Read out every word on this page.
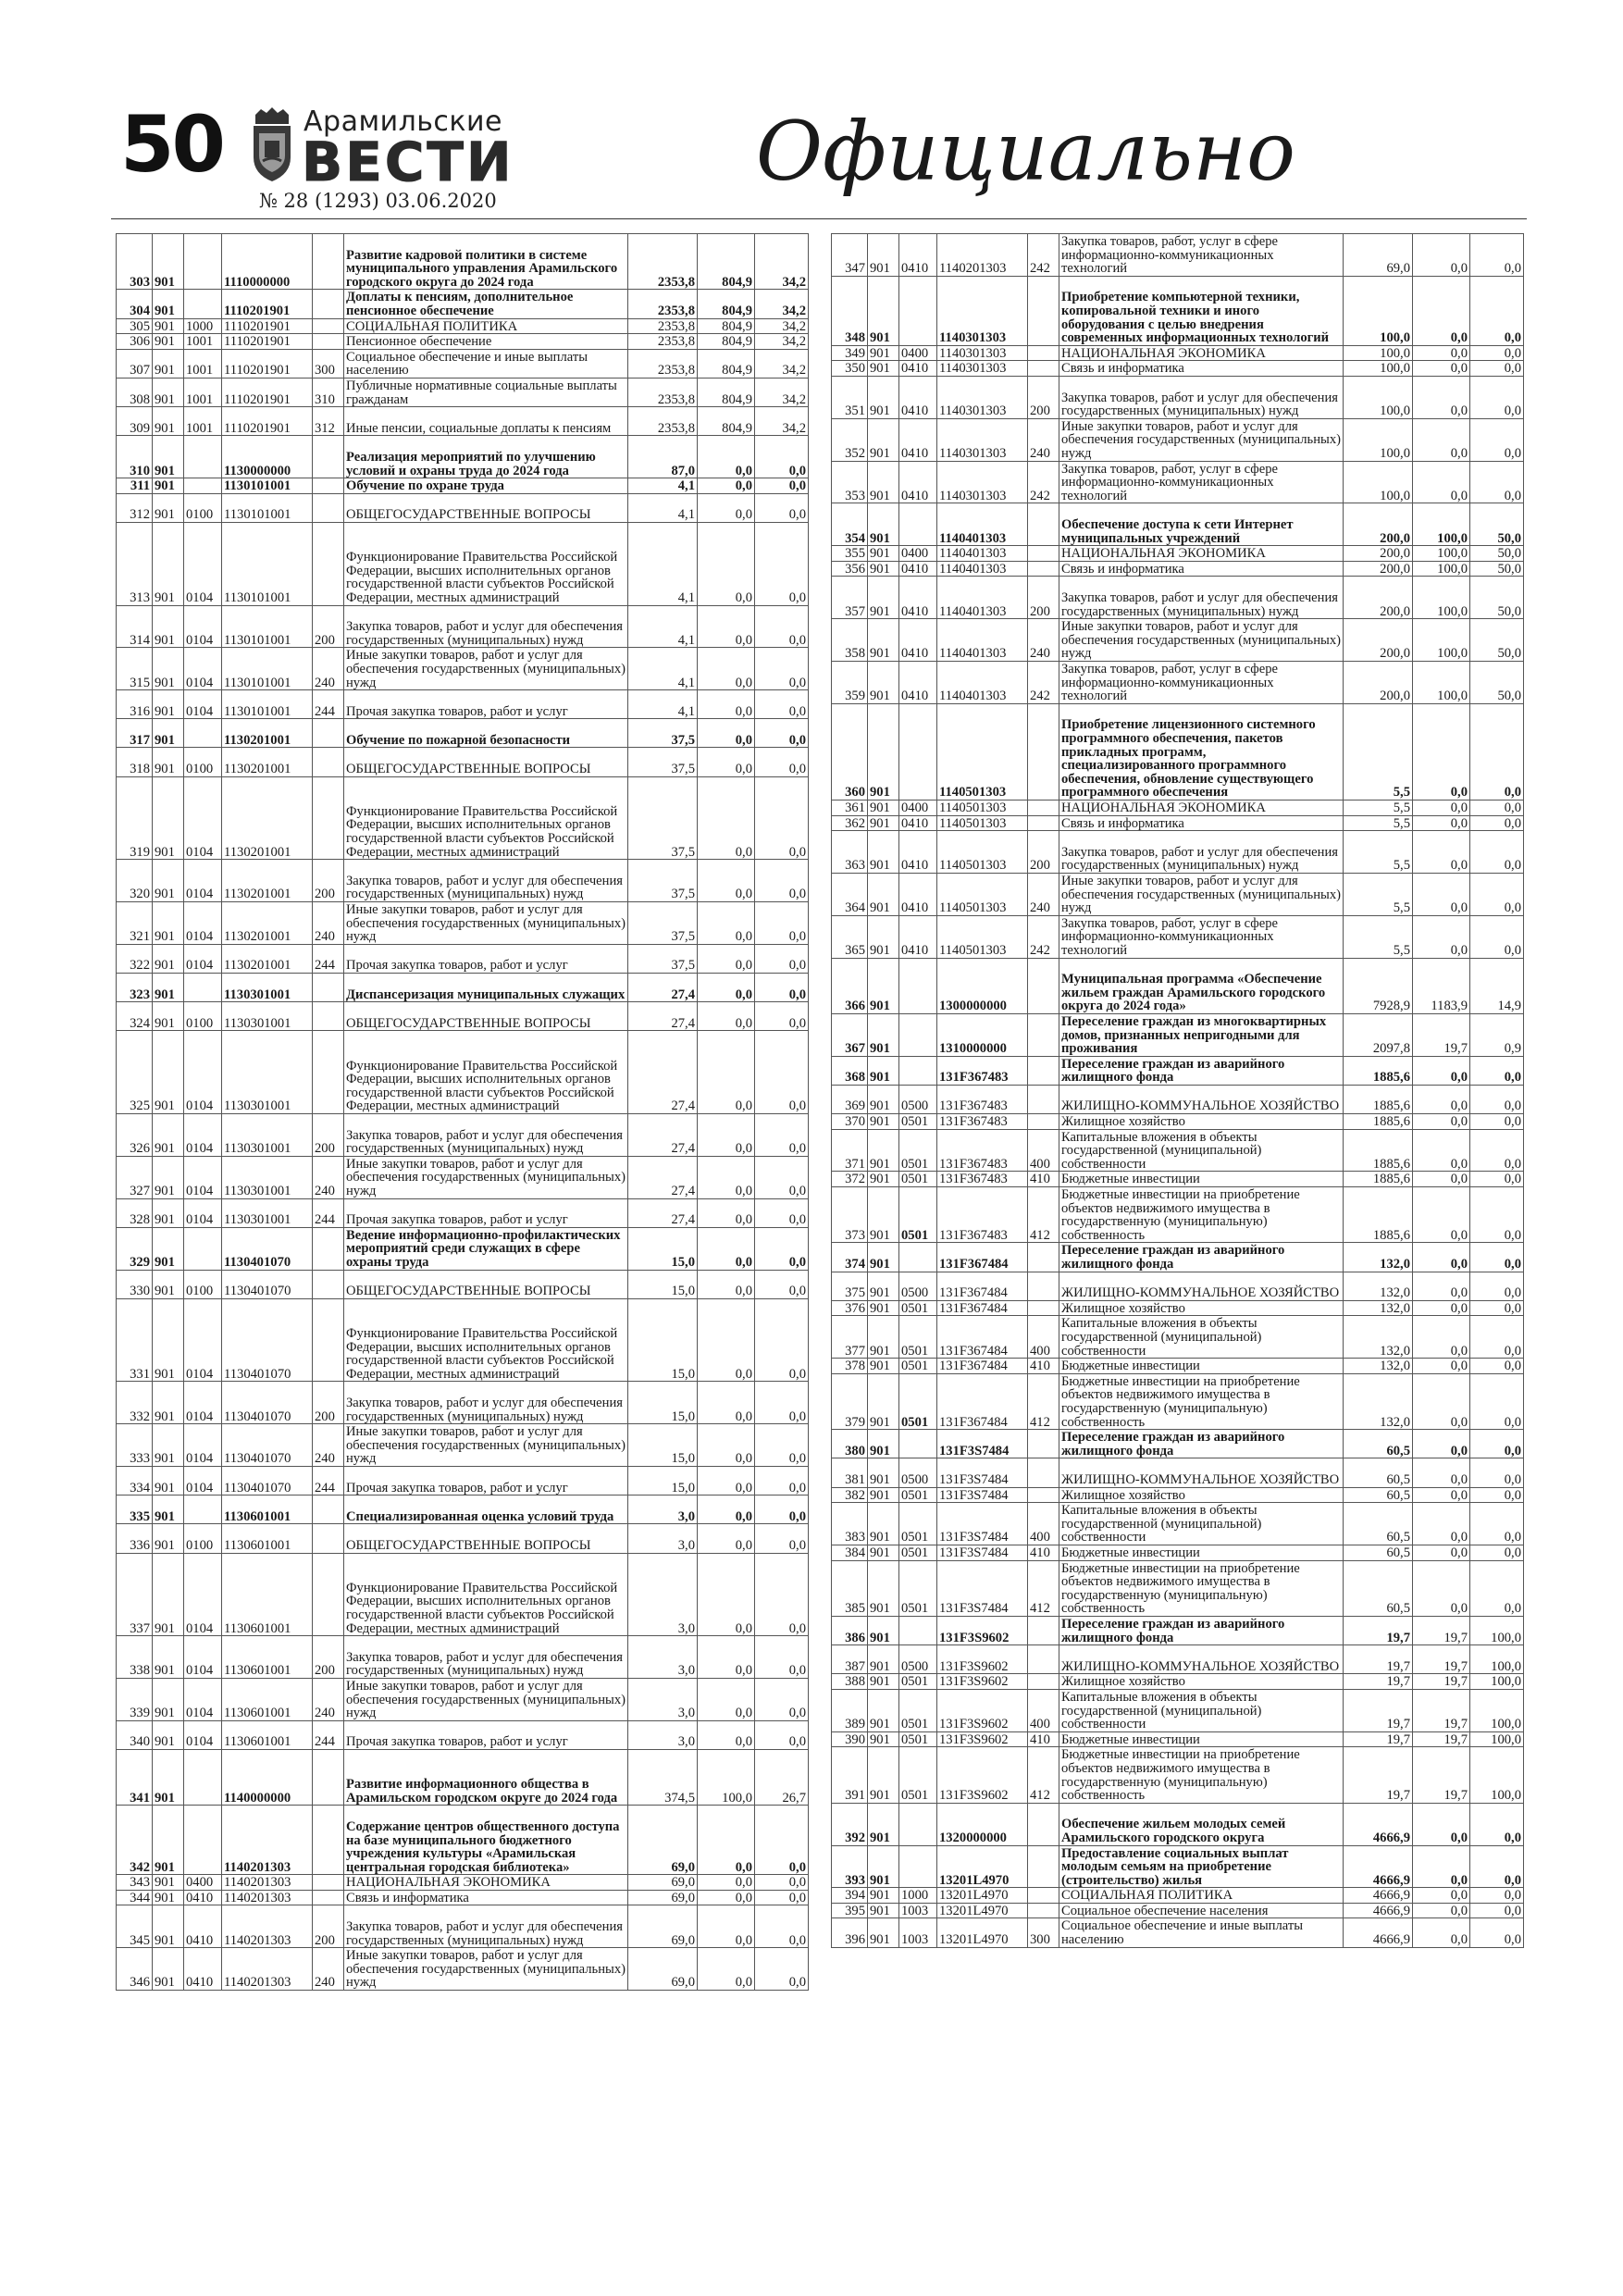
50	Арамильские
ВЕСТИ
№ 28 (1293) 03.06.2020
Официально
303	901		1110000000		Развитие кадровой политики в системе муниципального управления Арамильского городского округа до 2024 года	2353,8	804,9	34,2
304	901		1110201901		Доплаты к пенсиям, дополнительное пенсионное обеспечение	2353,8	804,9	34,2
305	901	1000	1110201901		СОЦИАЛЬНАЯ ПОЛИТИКА	2353,8	804,9	34,2
306	901	1001	1110201901		Пенсионное обеспечение	2353,8	804,9	34,2
307	901	1001	1110201901	300	Социальное обеспечение и иные выплаты населению	2353,8	804,9	34,2
308	901	1001	1110201901	310	Публичные нормативные социальные выплаты гражданам	2353,8	804,9	34,2
309	901	1001	1110201901	312	Иные пенсии, социальные доплаты к пенсиям	2353,8	804,9	34,2
310	901		1130000000		Реализация мероприятий по улучшению условий и охраны труда до 2024 года	87,0	0,0	0,0
311	901		1130101001		Обучение по охране труда	4,1	0,0	0,0
312	901	0100	1130101001		ОБЩЕГОСУДАРСТВЕННЫЕ ВОПРОСЫ	4,1	0,0	0,0
313	901	0104	1130101001		Функционирование Правительства Российской Федерации, высших исполнительных органов государственной власти субъектов Российской Федерации, местных администраций	4,1	0,0	0,0
314	901	0104	1130101001	200	Закупка товаров, работ и услуг для обеспечения государственных (муниципальных) нужд	4,1	0,0	0,0
315	901	0104	1130101001	240	Иные закупки товаров, работ и услуг для обеспечения государственных (муниципальных) нужд	4,1	0,0	0,0
316	901	0104	1130101001	244	Прочая закупка товаров, работ и услуг	4,1	0,0	0,0
317	901		1130201001		Обучение по пожарной безопасности	37,5	0,0	0,0
318	901	0100	1130201001		ОБЩЕГОСУДАРСТВЕННЫЕ ВОПРОСЫ	37,5	0,0	0,0
319	901	0104	1130201001		Функционирование Правительства Российской Федерации, высших исполнительных органов государственной власти субъектов Российской Федерации, местных администраций	37,5	0,0	0,0
320	901	0104	1130201001	200	Закупка товаров, работ и услуг для обеспечения государственных (муниципальных) нужд	37,5	0,0	0,0
321	901	0104	1130201001	240	Иные закупки товаров, работ и услуг для обеспечения государственных (муниципальных) нужд	37,5	0,0	0,0
322	901	0104	1130201001	244	Прочая закупка товаров, работ и услуг	37,5	0,0	0,0
323	901		1130301001		Диспансеризация муниципальных служащих	27,4	0,0	0,0
324	901	0100	1130301001		ОБЩЕГОСУДАРСТВЕННЫЕ ВОПРОСЫ	27,4	0,0	0,0
325	901	0104	1130301001		Функционирование Правительства Российской Федерации, высших исполнительных органов государственной власти субъектов Российской Федерации, местных администраций	27,4	0,0	0,0
326	901	0104	1130301001	200	Закупка товаров, работ и услуг для обеспечения государственных (муниципальных) нужд	27,4	0,0	0,0
327	901	0104	1130301001	240	Иные закупки товаров, работ и услуг для обеспечения государственных (муниципальных) нужд	27,4	0,0	0,0
328	901	0104	1130301001	244	Прочая закупка товаров, работ и услуг	27,4	0,0	0,0
329	901		1130401070		Ведение информационно-профилактических мероприятий среди служащих в сфере охраны труда	15,0	0,0	0,0
330	901	0100	1130401070		ОБЩЕГОСУДАРСТВЕННЫЕ ВОПРОСЫ	15,0	0,0	0,0
331	901	0104	1130401070		Функционирование Правительства Российской Федерации, высших исполнительных органов государственной власти субъектов Российской Федерации, местных администраций	15,0	0,0	0,0
332	901	0104	1130401070	200	Закупка товаров, работ и услуг для обеспечения государственных (муниципальных) нужд	15,0	0,0	0,0
333	901	0104	1130401070	240	Иные закупки товаров, работ и услуг для обеспечения государственных (муниципальных) нужд	15,0	0,0	0,0
334	901	0104	1130401070	244	Прочая закупка товаров, работ и услуг	15,0	0,0	0,0
335	901		1130601001		Специализированная оценка условий труда	3,0	0,0	0,0
336	901	0100	1130601001		ОБЩЕГОСУДАРСТВЕННЫЕ ВОПРОСЫ	3,0	0,0	0,0
337	901	0104	1130601001		Функционирование Правительства Российской Федерации, высших исполнительных органов государственной власти субъектов Российской Федерации, местных администраций	3,0	0,0	0,0
338	901	0104	1130601001	200	Закупка товаров, работ и услуг для обеспечения государственных (муниципальных) нужд	3,0	0,0	0,0
339	901	0104	1130601001	240	Иные закупки товаров, работ и услуг для обеспечения государственных (муниципальных) нужд	3,0	0,0	0,0
340	901	0104	1130601001	244	Прочая закупка товаров, работ и услуг	3,0	0,0	0,0
341	901		1140000000		Развитие информационного общества в Арамильском городском округе до 2024 года	374,5	100,0	26,7
342	901		1140201303		Содержание центров общественного доступа на базе муниципального бюджетного учреждения культуры «Арамильская центральная городская библиотека»	69,0	0,0	0,0
343	901	0400	1140201303		НАЦИОНАЛЬНАЯ ЭКОНОМИКА	69,0	0,0	0,0
344	901	0410	1140201303		Связь и информатика	69,0	0,0	0,0
345	901	0410	1140201303	200	Закупка товаров, работ и услуг для обеспечения государственных (муниципальных) нужд	69,0	0,0	0,0
346	901	0410	1140201303	240	Иные закупки товаров, работ и услуг для обеспечения государственных (муниципальных) нужд	69,0	0,0	0,0
347	901	0410	1140201303	242	Закупка товаров, работ, услуг в сфере информационно-коммуникационных технологий	69,0	0,0	0,0
348	901		1140301303		Приобретение компьютерной техники, копировальной техники и иного оборудования с целью внедрения современных информационных технологий	100,0	0,0	0,0
349	901	0400	1140301303		НАЦИОНАЛЬНАЯ ЭКОНОМИКА	100,0	0,0	0,0
350	901	0410	1140301303		Связь и информатика	100,0	0,0	0,0
351	901	0410	1140301303	200	Закупка товаров, работ и услуг для обеспечения государственных (муниципальных) нужд	100,0	0,0	0,0
352	901	0410	1140301303	240	Иные закупки товаров, работ и услуг для обеспечения государственных (муниципальных) нужд	100,0	0,0	0,0
353	901	0410	1140301303	242	Закупка товаров, работ, услуг в сфере информационно-коммуникационных технологий	100,0	0,0	0,0
354	901		1140401303		Обеспечение доступа к сети Интернет муниципальных учреждений	200,0	100,0	50,0
355	901	0400	1140401303		НАЦИОНАЛЬНАЯ ЭКОНОМИКА	200,0	100,0	50,0
356	901	0410	1140401303		Связь и информатика	200,0	100,0	50,0
357	901	0410	1140401303	200	Закупка товаров, работ и услуг для обеспечения государственных (муниципальных) нужд	200,0	100,0	50,0
358	901	0410	1140401303	240	Иные закупки товаров, работ и услуг для обеспечения государственных (муниципальных) нужд	200,0	100,0	50,0
359	901	0410	1140401303	242	Закупка товаров, работ, услуг в сфере информационно-коммуникационных технологий	200,0	100,0	50,0
360	901		1140501303		Приобретение лицензионного системного программного обеспечения, пакетов прикладных программ, специализированного программного обеспечения, обновление существующего программного обеспечения	5,5	0,0	0,0
361	901	0400	1140501303		НАЦИОНАЛЬНАЯ ЭКОНОМИКА	5,5	0,0	0,0
362	901	0410	1140501303		Связь и информатика	5,5	0,0	0,0
363	901	0410	1140501303	200	Закупка товаров, работ и услуг для обеспечения государственных (муниципальных) нужд	5,5	0,0	0,0
364	901	0410	1140501303	240	Иные закупки товаров, работ и услуг для обеспечения государственных (муниципальных) нужд	5,5	0,0	0,0
365	901	0410	1140501303	242	Закупка товаров, работ, услуг в сфере информационно-коммуникационных технологий	5,5	0,0	0,0
366	901		1300000000		Муниципальная программа «Обеспечение жильем граждан Арамильского городского округа до 2024 года»	7928,9	1183,9	14,9
367	901		1310000000		Переселение граждан из многоквартирных домов, признанных непригодными для проживания	2097,8	19,7	0,9
368	901		131F367483		Переселение граждан из аварийного жилищного фонда	1885,6	0,0	0,0
369	901	0500	131F367483		ЖИЛИЩНО-КОММУНАЛЬНОЕ ХОЗЯЙСТВО	1885,6	0,0	0,0
370	901	0501	131F367483		Жилищное хозяйство	1885,6	0,0	0,0
371	901	0501	131F367483	400	Капитальные вложения в объекты государственной (муниципальной) собственности	1885,6	0,0	0,0
372	901	0501	131F367483	410	Бюджетные инвестиции	1885,6	0,0	0,0
373	901	0501	131F367483	412	Бюджетные инвестиции на приобретение объектов недвижимого имущества в государственную (муниципальную) собственность	1885,6	0,0	0,0
374	901		131F367484		Переселение граждан из аварийного жилищного фонда	132,0	0,0	0,0
375	901	0500	131F367484		ЖИЛИЩНО-КОММУНАЛЬНОЕ ХОЗЯЙСТВО	132,0	0,0	0,0
376	901	0501	131F367484		Жилищное хозяйство	132,0	0,0	0,0
377	901	0501	131F367484	400	Капитальные вложения в объекты государственной (муниципальной) собственности	132,0	0,0	0,0
378	901	0501	131F367484	410	Бюджетные инвестиции	132,0	0,0	0,0
379	901	0501	131F367484	412	Бюджетные инвестиции на приобретение объектов недвижимого имущества в государственную (муниципальную) собственность	132,0	0,0	0,0
380	901		131F3S7484		Переселение граждан из аварийного жилищного фонда	60,5	0,0	0,0
381	901	0500	131F3S7484		ЖИЛИЩНО-КОММУНАЛЬНОЕ ХОЗЯЙСТВО	60,5	0,0	0,0
382	901	0501	131F3S7484		Жилищное хозяйство	60,5	0,0	0,0
383	901	0501	131F3S7484	400	Капитальные вложения в объекты государственной (муниципальной) собственности	60,5	0,0	0,0
384	901	0501	131F3S7484	410	Бюджетные инвестиции	60,5	0,0	0,0
385	901	0501	131F3S7484	412	Бюджетные инвестиции на приобретение объектов недвижимого имущества в государственную (муниципальную) собственность	60,5	0,0	0,0
386	901		131F3S9602		Переселение граждан из аварийного жилищного фонда	19,7	19,7	100,0
387	901	0500	131F3S9602		ЖИЛИЩНО-КОММУНАЛЬНОЕ ХОЗЯЙСТВО	19,7	19,7	100,0
388	901	0501	131F3S9602		Жилищное хозяйство	19,7	19,7	100,0
389	901	0501	131F3S9602	400	Капитальные вложения в объекты государственной (муниципальной) собственности	19,7	19,7	100,0
390	901	0501	131F3S9602	410	Бюджетные инвестиции	19,7	19,7	100,0
391	901	0501	131F3S9602	412	Бюджетные инвестиции на приобретение объектов недвижимого имущества в государственную (муниципальную) собственность	19,7	19,7	100,0
392	901		1320000000		Обеспечение жильем молодых семей Арамильского городского округа	4666,9	0,0	0,0
393	901		13201L4970		Предоставление социальных выплат молодым семьям на приобретение (строительство) жилья	4666,9	0,0	0,0
394	901	1000	13201L4970		СОЦИАЛЬНАЯ ПОЛИТИКА	4666,9	0,0	0,0
395	901	1003	13201L4970		Социальное обеспечение населения	4666,9	0,0	0,0
396	901	1003	13201L4970	300	Социальное обеспечение и иные выплаты населению	4666,9	0,0	0,0
